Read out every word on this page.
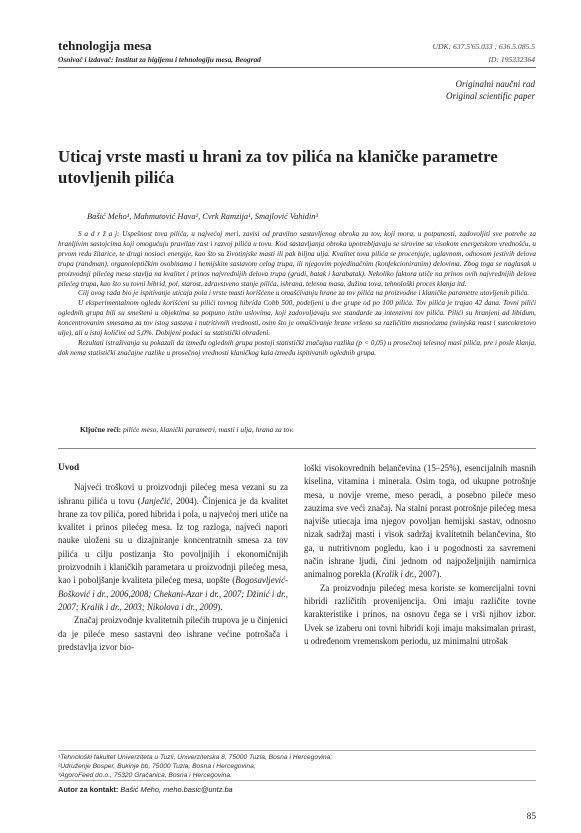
tehnologija mesa
Osnivač i izdavač: Institut za higijenu i tehnologiju mesa, Beograd
UDK: 637.5'65.033 ; 636.5.085.5
ID: 195332364
Originalni naučni rad
Original scientific paper
Uticaj vrste masti u hrani za tov pilića na klaničke parametre utovljenih pilića
Bašić Meho¹, Mahmutović Hava², Cvrk Ramzija¹, Smajlović Vahidin³

S a d r ž a j: Uspešnost tova pilića, u najvećoj meri, zavisi od pravilno sastavljenog obroka za tov, koji mora, u potpunosti, zadovoljiti sve potrebe za hranljivim sastojcima koji omogućuju pravilan rast i razvoj pilića u tovu. Kod sastavljanja obroka upotrebljavaju se sirovine sa visokom energetskom vrednošću, u prvom redu žitarice, te drugi nosioci energije, kao što su životinjske masti ili pak biljna ulja. Kvalitet tova pilića se procenjuje, uglavnom, odnosom jestivih delova trupa (randman), organoleptičkim osobinama i hemijskim sastavom celog trupa, ili njegovim pojedinačnim (konfekcioniranim) delovima. Zbog toga se naglasak u proizvodnji pilećeg mesa stavlja na kvalitet i prinos najvrednijih delova trupa (grudi, batak i karabatak). Nekoliko faktora utiče na prinos ovih najvrednijih delova pilećeg trupa, kao što su tovni hibrid, pol, starost, zdravstveno stanje pilića, ishrana, telesna masa, dužina tova, tehnološki proces klanja itd.

Cilj ovog rada bio je ispitivanje uticaja pola i vrste masti korišćene u omašćivanju hrane za tov pilića na proizvodne i klaničke parametre utovljenih pilića.

U eksperimentalnom ogledu korišćeni su pilići tovnog hibrida Cobb 500, podeljeni u dve grupe od po 100 pilića. Tov pilića je trajao 42 dana. Tovni pilići oglednih grupa bili su smešteni u objektima sa potpuno istim uslovima, koji zadovoljavaju sve standarde za intenzivni tov pilića. Pilići su hranjeni ad libidum, koncentrovanim smesama za tov istog sastava i nutritivnih vrednosti, osim što je omašćivanje hrane vršeno sa različitim masnoćama (svinjska mast i suncokretovo ulje), ali u istoj količini od 5,0%. Dobijeni podaci su statistički obrađeni.

Rezultati istraživanja su pokazali da između oglednih grupa postoji statistički značajna razlika (p < 0,05) u prosečnoj telesnoj masi pilića, pre i posle klanja, dok nema statistički značajne razlike u prosečnoj vrednosti klaničkog kala između ispitivanih oglednih grupa.

Ključne reči: piliće meso, klanički parametri, masti i ulja, hrana za tov.

Uvod

Najveći troškovi u proizvodnji pilećeg mesa vezani su za ishranu pilića u tovu (Janječić, 2004). Činjenica je da kvalitet hrane za tov pilića, pored hibrida i pola, u najvećoj meri utiče na kvalitet i prinos pilećeg mesa. Iz tog razloga, najveći napori nauke uloženi su u dizajniranje koncentratnih smesa za tov pilića u cilju postizanja što povoljnijih i ekonomičnijih proizvodnih i klaničkih parametara u proizvodnji pilećeg mesa, kao i poboljšanje kvaliteta pilećeg mesa, uopšte (Bogosavljević-Bošković i dr., 2006,2008; Chekani-Azar i dr., 2007; Džinić i dr., 2007; Kralik i dr., 2003; Nikolova i dr., 2009).

Značaj proizvodnje kvalitetnih pilećih trupova je u činjenici da je pileće meso sastavni deo ishrane većine potrošača i predstavlja izvor bio-

loški visokovrednih belančevina (15–25%), esencijalnih masnih kiselina, vitamina i minerala. Osim toga, od ukupne potrošnje mesa, u novije vreme, meso peradi, a posebno pileće meso zauzima sve veći značaj. Na stalni porast potrošnje pilećeg mesa najviše utiecaja ima njegov povoljan hemijski sastav, odnosno nizak sadržaj masti i visok sadržaj kvalitetnih belančevina, što ga, u nutritivnom pogledu, kao i u pogodnosti za savremeni način ishrane ljudi, čini jednom od najpoželjnijih namirnica animalnog porekla (Kralik i dr., 2007).

Za proizvodnju pilećeg mesa koriste se komercijalni tovni hibridi različitih provenijencija. Oni imaju različite tovne karakteristike i prinos, na osnovu čega se i vrši njihov izbor. Uvek se izaberu oni tovni hibridi koji imaju maksimalan prirast, u određenom vremenskom periodu, uz minimalni utrošak

¹Tehnološki fakultet Univerziteta u Tuzli, Univerzitetska 8, 75000 Tuzla, Bosna i Hercegovina;
²Udruženje Bosper, Bukinje bb, 75000 Tuzla, Bosna i Hercegovina;
³AgoroFeed do.o., 75320 Gračanica, Bosna i Hercegovina.
Autor za kontakt: Bašić Meho, meho.basic@untz.ba
85
